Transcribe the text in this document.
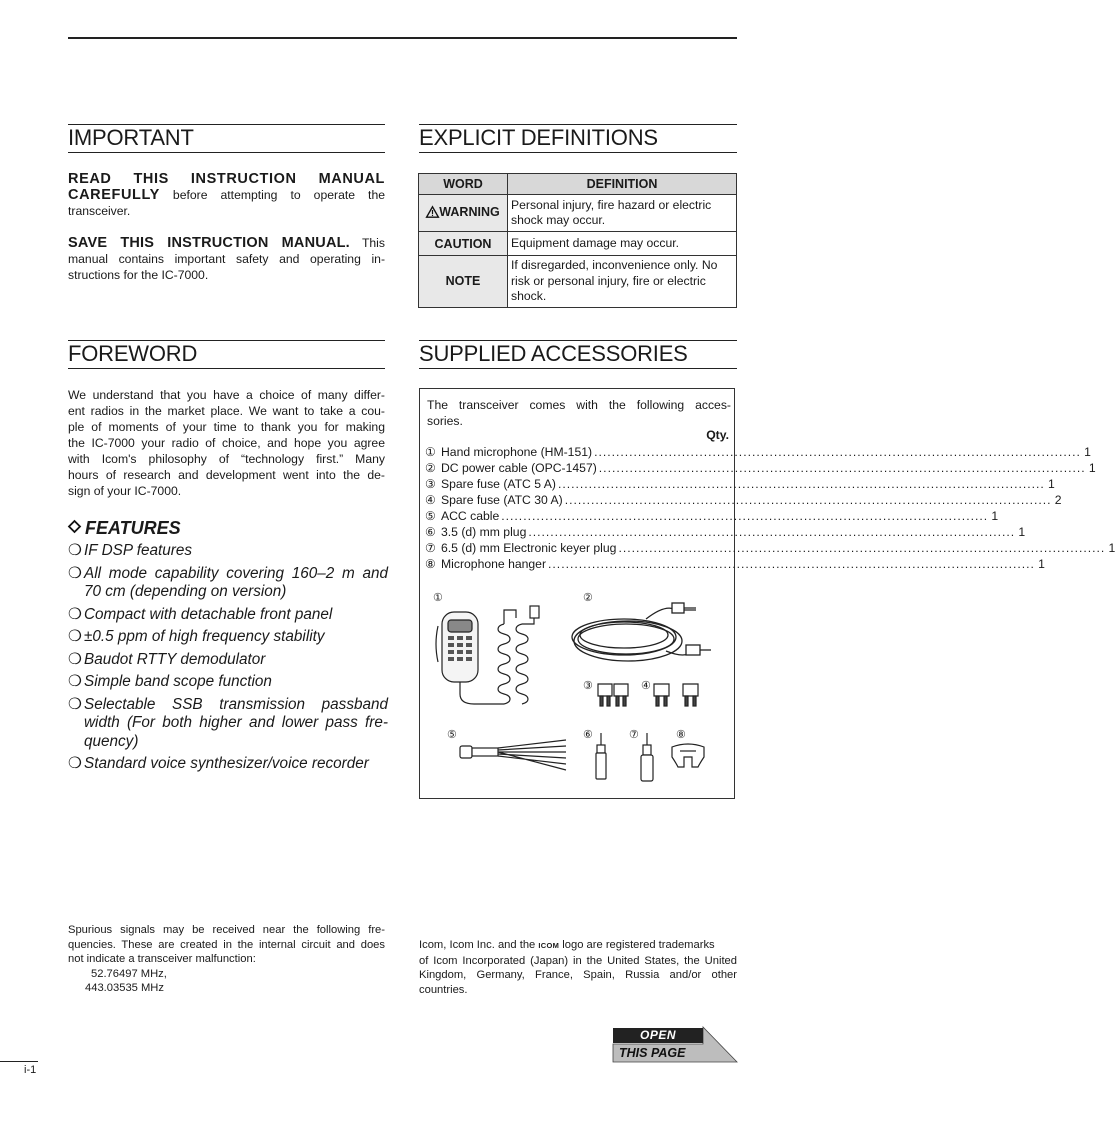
IMPORTANT
READ THIS INSTRUCTION MANUAL
CAREFULLY before attempting to operate the
transceiver.
SAVE THIS INSTRUCTION MANUAL. This
manual contains important safety and operating in-
structions for the IC-7000.
EXPLICIT DEFINITIONS
WORD	DEFINITION
WARNING	Personal injury, fire hazard or electric shock may occur.
CAUTION	Equipment damage may occur.
NOTE	If disregarded, inconvenience only. No risk or personal injury, fire or electric shock.
FOREWORD
We understand that you have a choice of many differ-
ent radios in the market place. We want to take a cou-
ple of moments of your time to thank you for making
the IC-7000 your radio of choice, and hope you agree
with Icom's philosophy of “technology first.” Many
hours of research and development went into the de-
sign of your IC-7000.
FEATURES
❍ IF DSP features
❍ All mode capability covering 160–2 m and
70 cm (depending on version)
❍ Compact with detachable front panel
❍ ±0.5 ppm of high frequency stability
❍ Baudot RTTY demodulator
❍ Simple band scope function
❍ Selectable SSB transmission passband
width (For both higher and lower pass fre-
quency)
❍ Standard voice synthesizer/voice recorder
SUPPLIED ACCESSORIES
The transceiver comes with the following acces-
sories.
Qty.
① Hand microphone (HM-151) ............................................................................................................... 1
② DC power cable (OPC-1457) ............................................................................................................... 1
③ Spare fuse (ATC 5 A) ............................................................................................................... 1
④ Spare fuse (ATC 30 A) ............................................................................................................... 2
⑤ ACC cable ............................................................................................................... 1
⑥ 3.5 (d) mm plug ............................................................................................................... 1
⑦ 6.5 (d) mm Electronic keyer plug ............................................................................................................... 1
⑧ Microphone hanger ............................................................................................................... 1
①	②
③	④
⑤	⑥	⑦	⑧
Spurious signals may be received near the following fre-
quencies. These are created in the internal circuit and does
not indicate a transceiver malfunction:
52.76497 MHz,
443.03535 MHz
Icom, Icom Inc. and the ICOM logo are registered trademarks
of Icom Incorporated (Japan) in the United States, the United
Kingdom, Germany, France, Spain, Russia and/or other
countries.
OPEN
THIS PAGE
i-1
